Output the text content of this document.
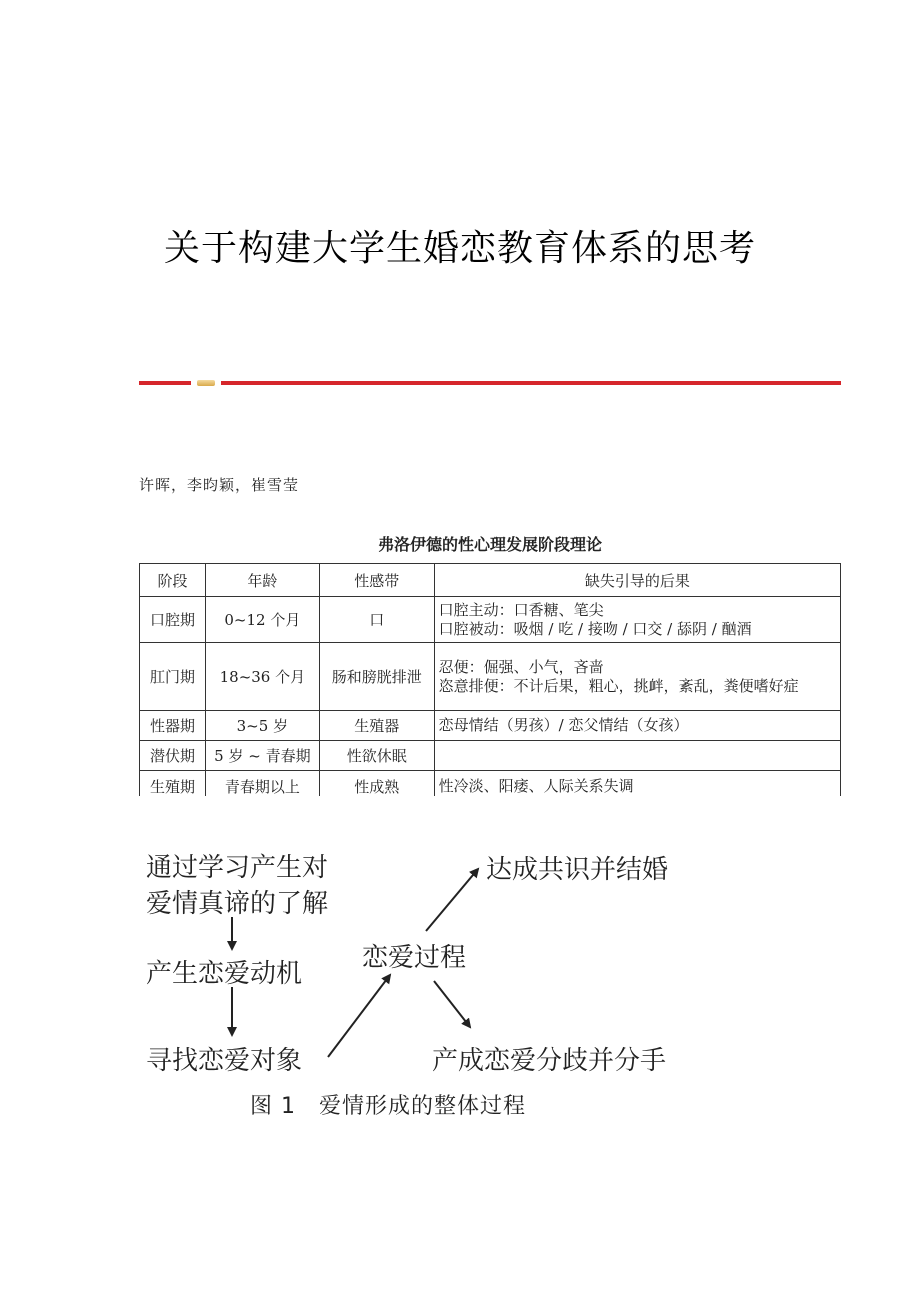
关于构建大学生婚恋教育体系的思考
许晖，李昀颖，崔雪莹
弗洛伊德的性心理发展阶段理论
阶段	年龄	性感带	缺失引导的后果
口腔期	0~12 个月	口	口腔主动：口香糖、笔尖
口腔被动：吸烟 / 吃 / 接吻 / 口交 / 舔阴 / 酗酒

肛门期	18~36 个月	肠和膀胱排泄	忍便：倔强、小气，吝啬
恣意排便：不计后果，粗心，挑衅，紊乱，粪便嗜好症

性器期	3~5 岁	生殖器	恋母情结（男孩）/ 恋父情结（女孩）

潜伏期	5 岁 ~ 青春期	性欲休眠	

生殖期	青春期以上	性成熟	性冷淡、阳痿、人际关系失调
通过学习产生对
爱情真谛的了解
产生恋爱动机
寻找恋爱对象
恋爱过程
达成共识并结婚
产成恋爱分歧并分手
图 1　爱情形成的整体过程
